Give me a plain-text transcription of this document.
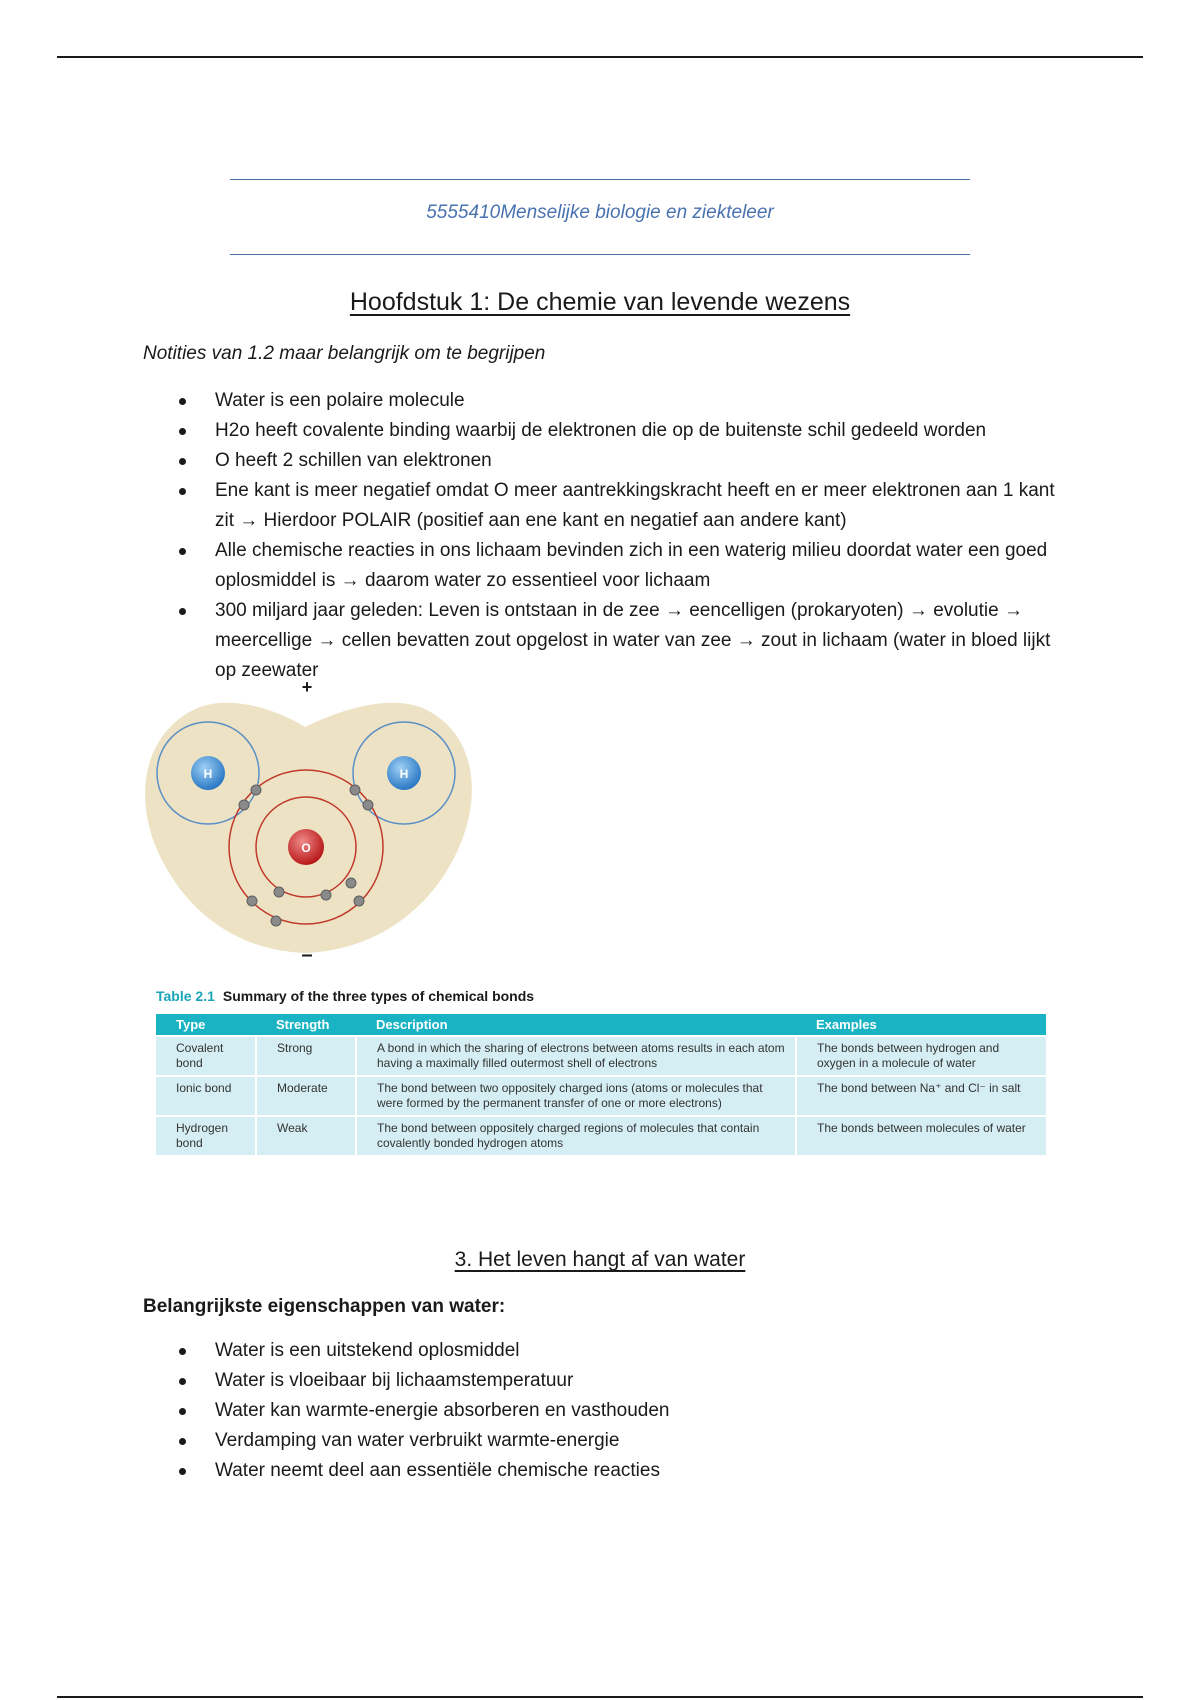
5555410Menselijke biologie en ziekteleer
Hoofdstuk 1: De chemie van levende wezens
Notities van 1.2 maar belangrijk om te begrijpen
Water is een polaire molecule
H2o heeft covalente binding waarbij de elektronen die op de buitenste schil gedeeld worden
O heeft 2 schillen van elektronen
Ene kant is meer negatief omdat O meer aantrekkingskracht heeft en er meer elektronen aan 1 kant zit → Hierdoor POLAIR (positief aan ene kant en negatief aan andere kant)
Alle chemische reacties in ons lichaam bevinden zich in een waterig milieu doordat water een goed oplosmiddel is → daarom water zo essentieel voor lichaam
300 miljard jaar geleden: Leven is ontstaan in de zee → eencelligen (prokaryoten) → evolutie → meercellige → cellen bevatten zout opgelost in water van zee → zout in lichaam (water in bloed lijkt op zeewater
H	H
O
+
–
Table 2.1 Summary of the three types of chemical bonds
Type	Strength	Description	Examples
Covalent bond	Strong	A bond in which the sharing of electrons between atoms results in each atom having a maximally filled outermost shell of electrons	The bonds between hydrogen and oxygen in a molecule of water
Ionic bond	Moderate	The bond between two oppositely charged ions (atoms or molecules that were formed by the permanent transfer of one or more electrons)	The bond between Na⁺ and Cl⁻ in salt
Hydrogen bond	Weak	The bond between oppositely charged regions of molecules that contain covalently bonded hydrogen atoms	The bonds between molecules of water
3. Het leven hangt af van water
Belangrijkste eigenschappen van water:
Water is een uitstekend oplosmiddel
Water is vloeibaar bij lichaamstemperatuur
Water kan warmte-energie absorberen en vasthouden
Verdamping van water verbruikt warmte-energie
Water neemt deel aan essentiële chemische reacties
